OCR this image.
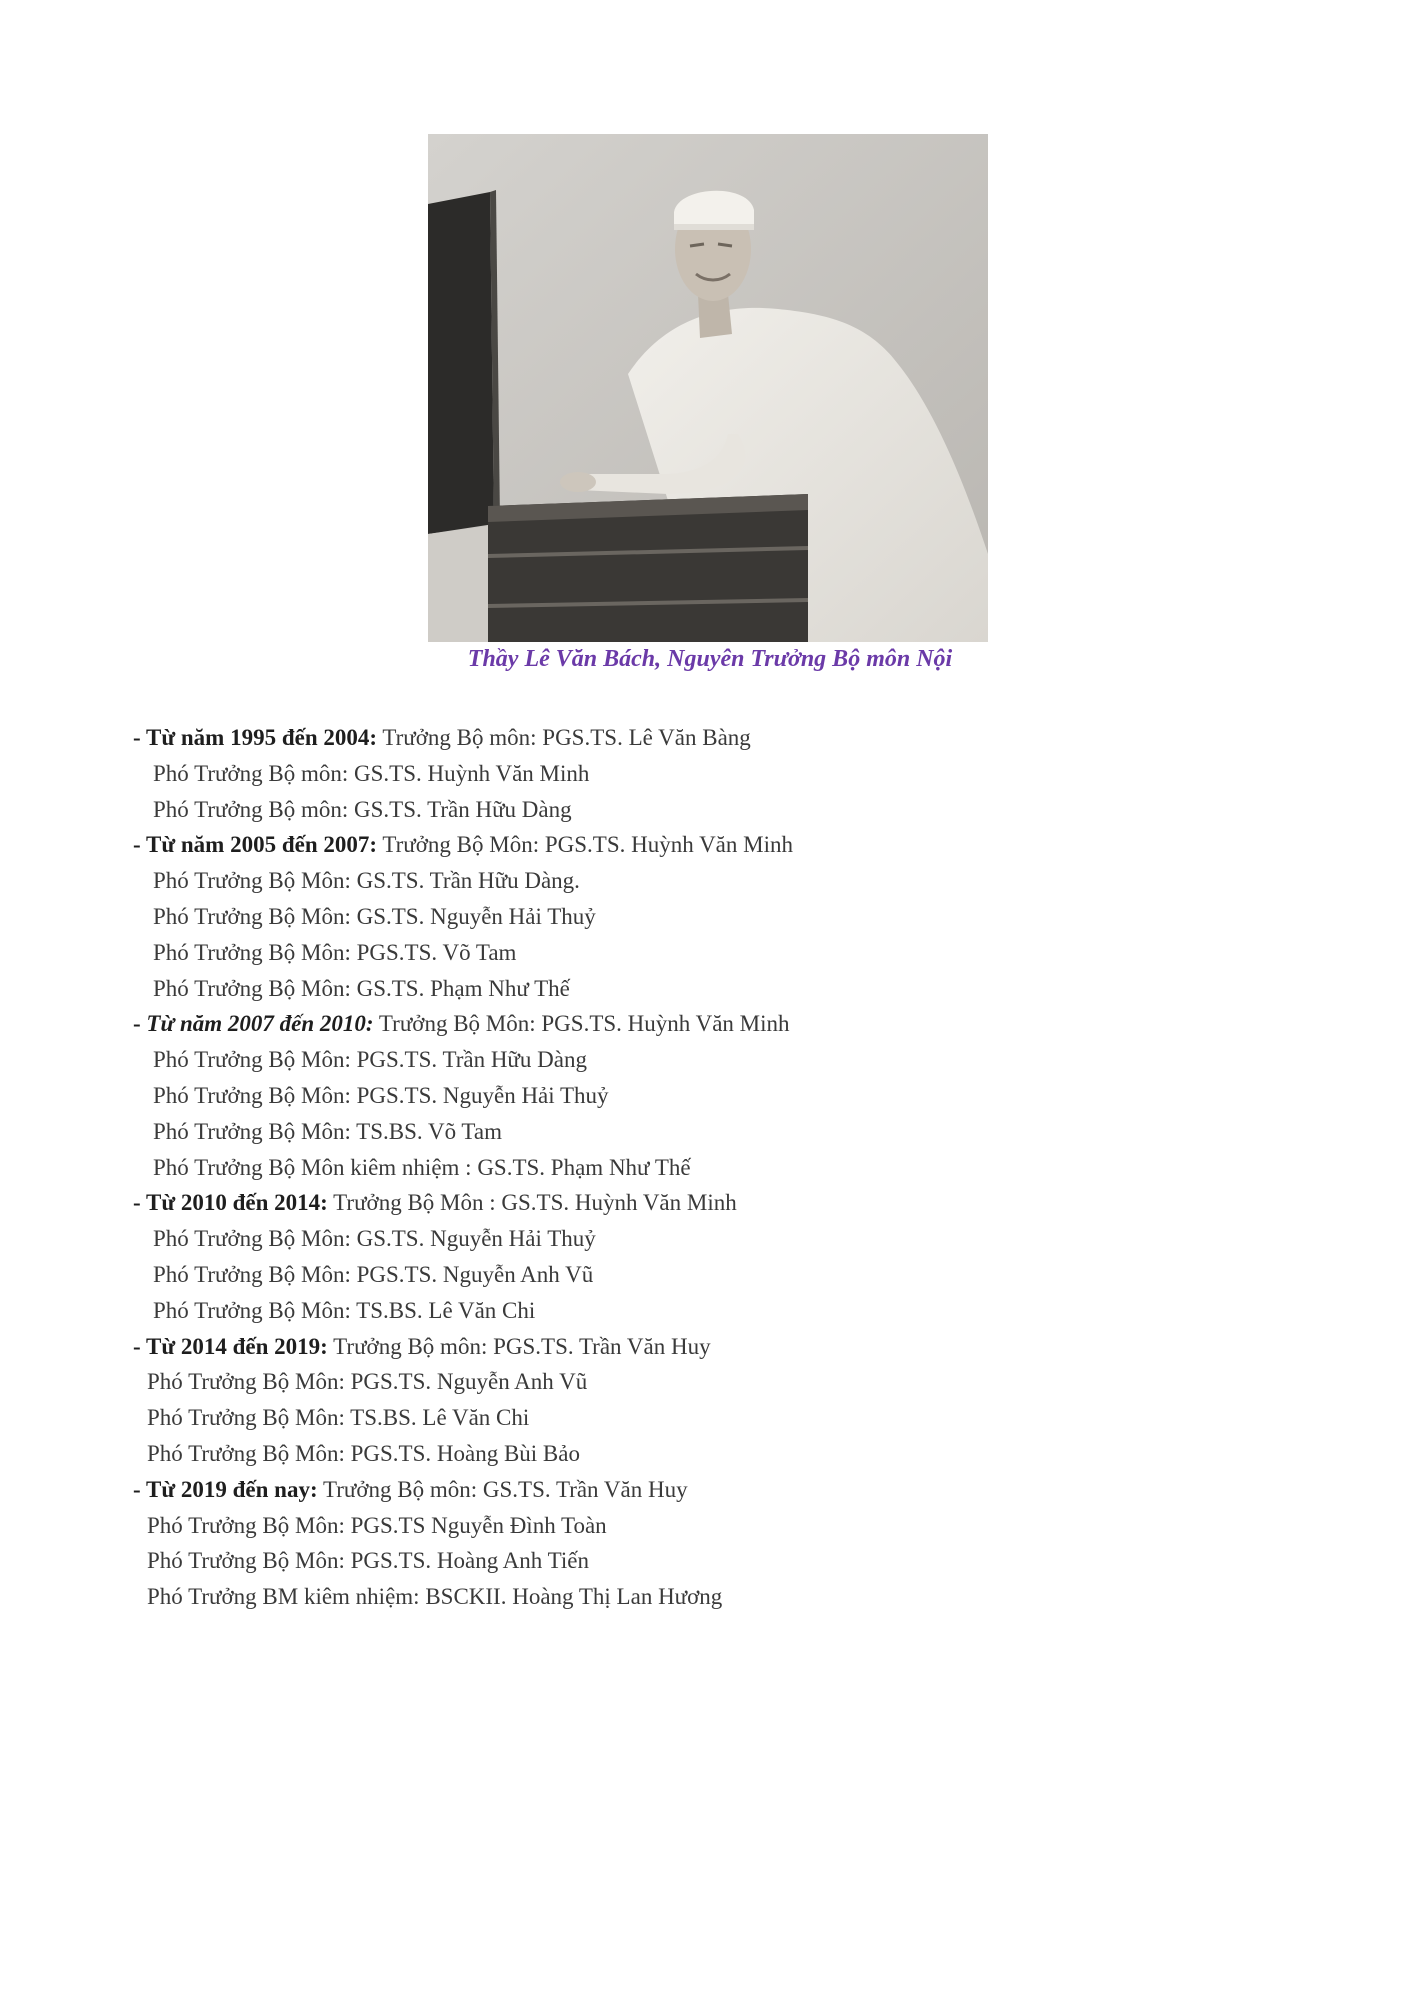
Thầy Lê Văn Bách, Nguyên Trưởng Bộ môn Nội
- Từ năm 1995 đến 2004: Trưởng Bộ môn: PGS.TS. Lê Văn Bàng
Phó Trưởng Bộ môn: GS.TS. Huỳnh Văn Minh
Phó Trưởng Bộ môn: GS.TS. Trần Hữu Dàng
- Từ năm 2005 đến 2007: Trưởng Bộ Môn: PGS.TS. Huỳnh Văn Minh
Phó Trưởng Bộ Môn: GS.TS. Trần Hữu Dàng.
Phó Trưởng Bộ Môn: GS.TS. Nguyễn Hải Thuỷ
Phó Trưởng Bộ Môn: PGS.TS. Võ Tam
Phó Trưởng Bộ Môn: GS.TS. Phạm Như Thế
- Từ năm 2007 đến 2010: Trưởng Bộ Môn: PGS.TS. Huỳnh Văn Minh
Phó Trưởng Bộ Môn: PGS.TS. Trần Hữu Dàng
Phó Trưởng Bộ Môn: PGS.TS. Nguyễn Hải Thuỷ
Phó Trưởng Bộ Môn: TS.BS. Võ Tam
Phó Trưởng Bộ Môn kiêm nhiệm : GS.TS. Phạm Như Thế
- Từ 2010 đến 2014: Trưởng Bộ Môn : GS.TS. Huỳnh Văn Minh
Phó Trưởng Bộ Môn: GS.TS. Nguyễn Hải Thuỷ
Phó Trưởng Bộ Môn: PGS.TS. Nguyễn Anh Vũ
Phó Trưởng Bộ Môn: TS.BS. Lê Văn Chi
- Từ 2014 đến 2019: Trưởng Bộ môn: PGS.TS. Trần Văn Huy
Phó Trưởng Bộ Môn: PGS.TS. Nguyễn Anh Vũ
Phó Trưởng Bộ Môn: TS.BS. Lê Văn Chi
Phó Trưởng Bộ Môn: PGS.TS. Hoàng Bùi Bảo
- Từ 2019 đến nay: Trưởng Bộ môn: GS.TS. Trần Văn Huy
Phó Trưởng Bộ Môn: PGS.TS Nguyễn Đình Toàn
Phó Trưởng Bộ Môn: PGS.TS. Hoàng Anh Tiến
Phó Trưởng BM kiêm nhiệm: BSCKII. Hoàng Thị Lan Hương
